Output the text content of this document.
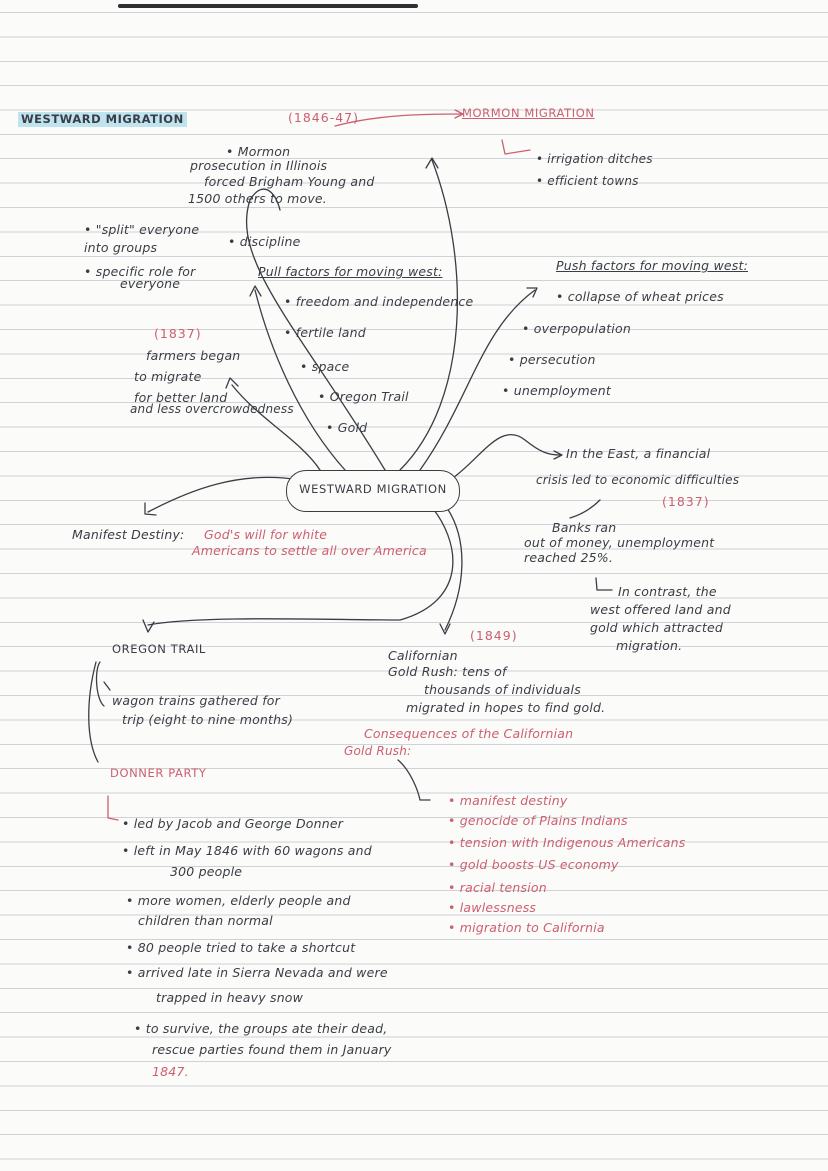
WESTWARD MIGRATION	(1846-47)	MORMON MIGRATION
• irrigation ditches
• efficient towns
• Mormon
prosecution in Illinois
forced Brigham Young and
1500 others to move.
• "split" everyone
into groups	• discipline
• specific role for
everyone
Pull factors for moving west:
• freedom and independence
• fertile land
• space
• Oregon Trail
• Gold
Push factors for moving west:
• collapse of wheat prices
• overpopulation
• persecution
• unemployment
(1837)
farmers began
to migrate
for better land
and less overcrowdedness
WESTWARD MIGRATION
In the East, a financial
crisis led to economic difficulties
(1837)
Banks ran
out of money, unemployment
reached 25%.
In contrast, the
west offered land and
gold which attracted
migration.
Manifest Destiny: God's will for white
Americans to settle all over America
OREGON TRAIL
wagon trains gathered for
trip (eight to nine months)
(1849)
Californian
Gold Rush: tens of
thousands of individuals
migrated in hopes to find gold.
Consequences of the Californian
Gold Rush:
• manifest destiny
• genocide of Plains Indians
• tension with Indigenous Americans
• gold boosts US economy
• racial tension
• lawlessness
• migration to California
DONNER PARTY
• led by Jacob and George Donner
• left in May 1846 with 60 wagons and
300 people
• more women, elderly people and
children than normal
• 80 people tried to take a shortcut
• arrived late in Sierra Nevada and were
trapped in heavy snow
• to survive, the groups ate their dead,
rescue parties found them in January
1847.
